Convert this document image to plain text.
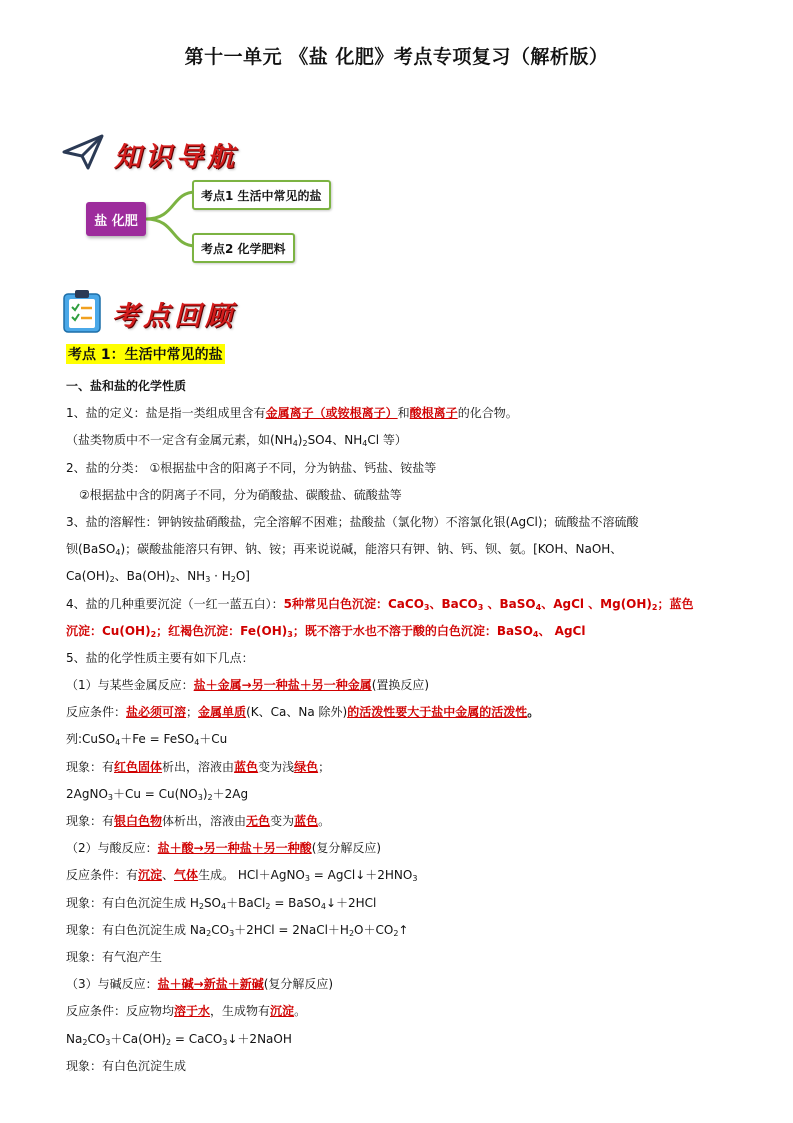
第十一单元 《盐 化肥》考点专项复习（解析版）
知识导航
盐 化肥
考点1 生活中常见的盐
考点2 化学肥料
考点回顾
考点 1：生活中常见的盐
一、盐和盐的化学性质
1、盐的定义：盐是指一类组成里含有金属离子（或铵根离子）和酸根离子的化合物。
（盐类物质中不一定含有金属元素，如$(NH_4)_2SO4$、$NH_4Cl$ 等）
2、盐的分类： ①根据盐中含的阳离子不同，分为钠盐、钙盐、铵盐等
②根据盐中含的阴离子不同，分为硝酸盐、碳酸盐、硫酸盐等
3、盐的溶解性：钾钠铵盐硝酸盐，完全溶解不困难；盐酸盐（氯化物）不溶氯化银(AgCl)；硫酸盐不溶硫酸
钡(BaSO$_4$)；碳酸盐能溶只有钾、钠、铵；再来说说碱，能溶只有钾、钠、钙、钡、氨。[KOH、NaOH、
$Ca(OH)_2$、$Ba(OH)_2$、$NH_3 \cdot H_2O$]
4、盐的几种重要沉淀（一红一蓝五白）：5种常见白色沉淀：CaCO$_3$、BaCO$_3$ 、BaSO$_4$、AgCl 、$Mg(OH)_2$；蓝色
沉淀：$Cu(OH)_2$；红褐色沉淀：$Fe(OH)_3$；既不溶于水也不溶于酸的白色沉淀：BaSO$_4$、 AgCl
5、盐的化学性质主要有如下几点：
（1）与某些金属反应：盐＋金属→另一种盐＋另一种金属(置换反应)
反应条件：盐必须可溶；金属单质(K、Ca、Na 除外)的活泼性要大于盐中金属的活泼性。
列:CuSO$_4$＋Fe = FeSO$_4$＋Cu
现象：有红色固体析出，溶液由蓝色变为浅绿色；
2AgNO$_3$＋Cu = $Cu(NO_3)_2+2Ag$
现象：有银白色物体析出，溶液由无色变为蓝色。
（2）与酸反应：盐＋酸→另一种盐＋另一种酸(复分解反应)
反应条件：有沉淀、气体生成。 HCl＋AgNO$_3$ = $AgCl↓+2HNO_3$
现象：有白色沉淀生成 $H_2SO_4+BaCl_2$ = BaSO$_4$↓＋2HCl
现象：有白色沉淀生成 $Na_2CO_3+2HCl$ = $2NaCl+H_2O+CO_2↑$
现象：有气泡产生
（3）与碱反应：盐＋碱→新盐＋新碱(复分解反应)
反应条件：反应物均溶于水，生成物有沉淀。
$Na_2CO_3+Ca(OH)_2$ = CaCO$_3$↓＋2NaOH
现象：有白色沉淀生成
